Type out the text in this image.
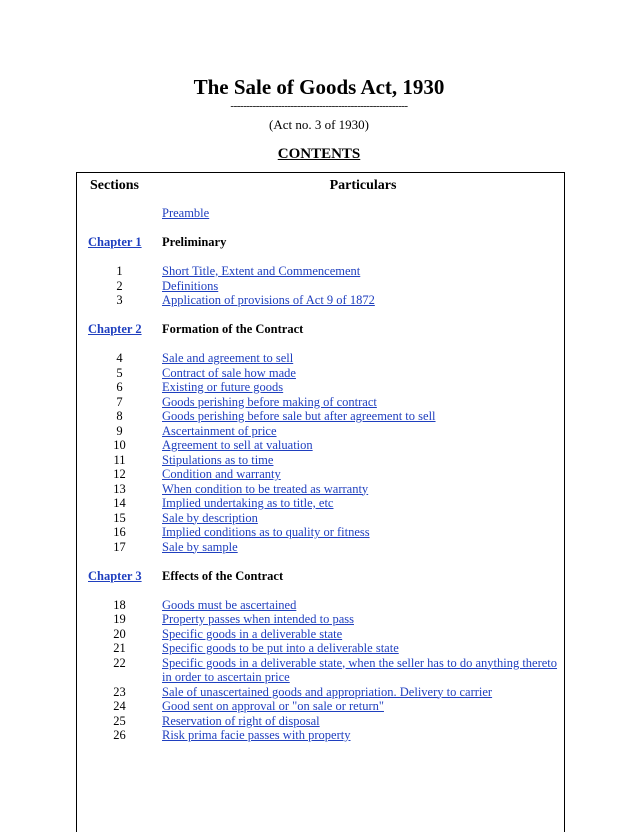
The Sale of Goods Act, 1930
--------------------------------------------------------
(Act no. 3 of 1930)
CONTENTS
Sections	Particulars
Preamble
Chapter 1	Preliminary
1	Short Title, Extent and Commencement
2	Definitions
3	Application of provisions of Act 9 of 1872
Chapter 2	Formation of the Contract
4	Sale and agreement to sell
5	Contract of sale how made
6	Existing or future goods
7	Goods perishing before making of contract
8	Goods perishing before sale but after agreement to sell
9	Ascertainment of price
10	Agreement to sell at valuation
11	Stipulations as to time
12	Condition and warranty
13	When condition to be treated as warranty
14	Implied undertaking as to title, etc
15	Sale by description
16	Implied conditions as to quality or fitness
17	Sale by sample
Chapter 3	Effects of the Contract
18	Goods must be ascertained
19	Property passes when intended to pass
20	Specific goods in a deliverable state
21	Specific goods to be put into a deliverable state
22	Specific goods in a deliverable state, when the seller has to do anything thereto in order to ascertain price
23	Sale of unascertained goods and appropriation. Delivery to carrier
24	Good sent on approval or "on sale or return"
25	Reservation of right of disposal
26	Risk prima facie passes with property
